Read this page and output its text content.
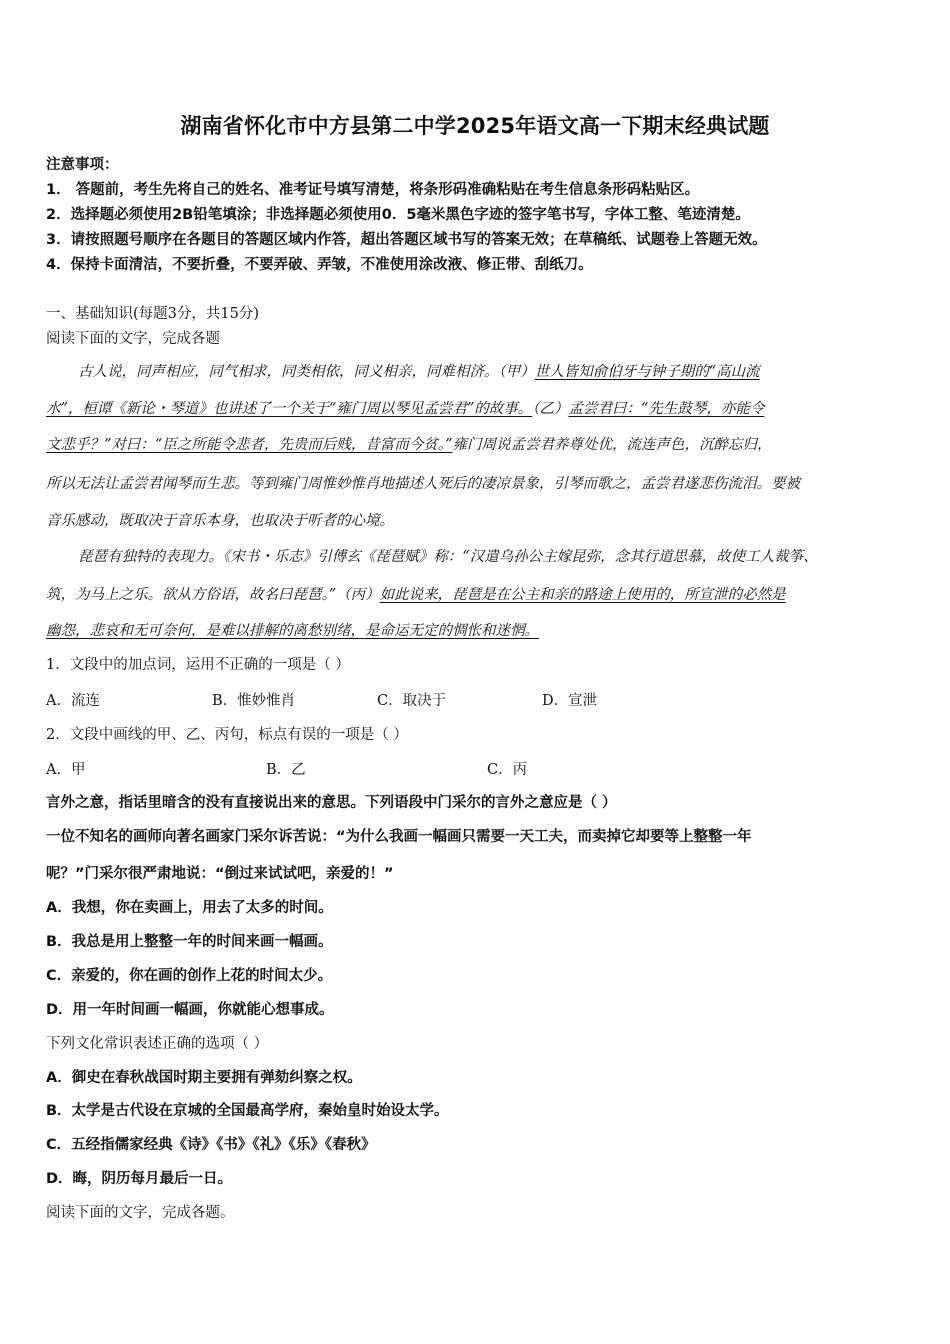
湖南省怀化市中方县第二中学2025年语文高一下期末经典试题
注意事项：
1． 答题前，考生先将自己的姓名、准考证号填写清楚，将条形码准确粘贴在考生信息条形码粘贴区。
2．选择题必须使用2B铅笔填涂；非选择题必须使用0．5毫米黑色字迹的签字笔书写，字体工整、笔迹清楚。
3．请按照题号顺序在各题目的答题区域内作答，超出答题区域书写的答案无效；在草稿纸、试题卷上答题无效。
4．保持卡面清洁，不要折叠，不要弄破、弄皱，不准使用涂改液、修正带、刮纸刀。
一、基础知识(每题3分，共15分)
阅读下面的文字，完成各题
古人说，同声相应，同气相求，同类相依，同义相亲，同难相济。（甲）世人皆知俞伯牙与钟子期的“高山流
水”，桓谭《新论・琴道》也讲述了一个关于“雍门周以琴见孟尝君”的故事。（乙）孟尝君曰：“先生鼓琴，亦能令
文悲乎？”对曰：“臣之所能令悲者，先贵而后贱，昔富而今贫。”雍门周说孟尝君养尊处优，流连声色，沉醉忘归，
所以无法让孟尝君闻琴而生悲。等到雍门周惟妙惟肖地描述人死后的凄凉景象，引琴而歌之，孟尝君遂悲伤流泪。要被
音乐感动，既取决于音乐本身，也取决于听者的心境。
琵琶有独特的表现力。《宋书・乐志》引傅玄《琵琶赋》称：“汉遣乌孙公主嫁昆弥，念其行道思慕，故使工人裁筝、
筑，为马上之乐。欲从方俗语，故名曰琵琶。”（丙）如此说来，琵琶是在公主和亲的路途上使用的，所宣泄的必然是
幽怨，悲哀和无可奈何，是难以排解的离愁别绪，是命运无定的惆怅和迷惘。
1．文段中的加点词，运用不正确的一项是（ ）
A．流连	B．惟妙惟肖	C．取决于	D．宣泄
2．文段中画线的甲、乙、丙句，标点有误的一项是（ ）
A．甲	B．乙	C．丙
言外之意，指话里暗含的没有直接说出来的意思。下列语段中门采尔的言外之意应是（ ）
一位不知名的画师向著名画家门采尔诉苦说：“为什么我画一幅画只需要一天工夫，而卖掉它却要等上整整一年
呢？”门采尔很严肃地说：“倒过来试试吧，亲爱的！”
A．我想，你在卖画上，用去了太多的时间。
B．我总是用上整整一年的时间来画一幅画。
C．亲爱的，你在画的创作上花的时间太少。
D．用一年时间画一幅画，你就能心想事成。
下列文化常识表述正确的选项（ ）
A．御史在春秋战国时期主要拥有弹劾纠察之权。
B．太学是古代设在京城的全国最高学府，秦始皇时始设太学。
C．五经指儒家经典《诗》《书》《礼》《乐》《春秋》
D．晦，阴历每月最后一日。
阅读下面的文字，完成各题。
